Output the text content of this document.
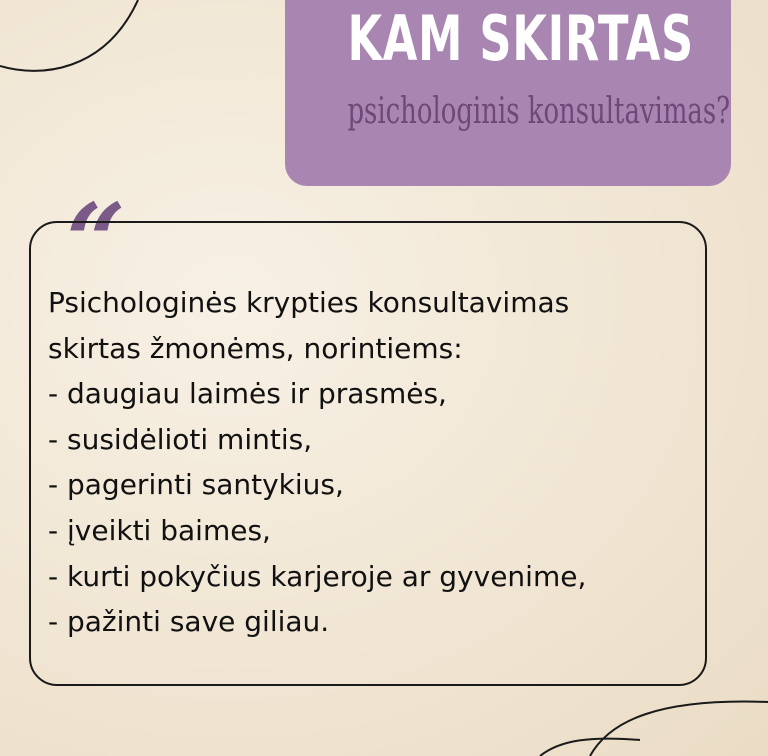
KAM SKIRTAS
psichologinis konsultavimas?
“
Psichologinės krypties konsultavimas
skirtas žmonėms, norintiems:
- daugiau laimės ir prasmės,
- susidėlioti mintis,
- pagerinti santykius,
- įveikti baimes,
- kurti pokyčius karjeroje ar gyvenime,
- pažinti save giliau.
